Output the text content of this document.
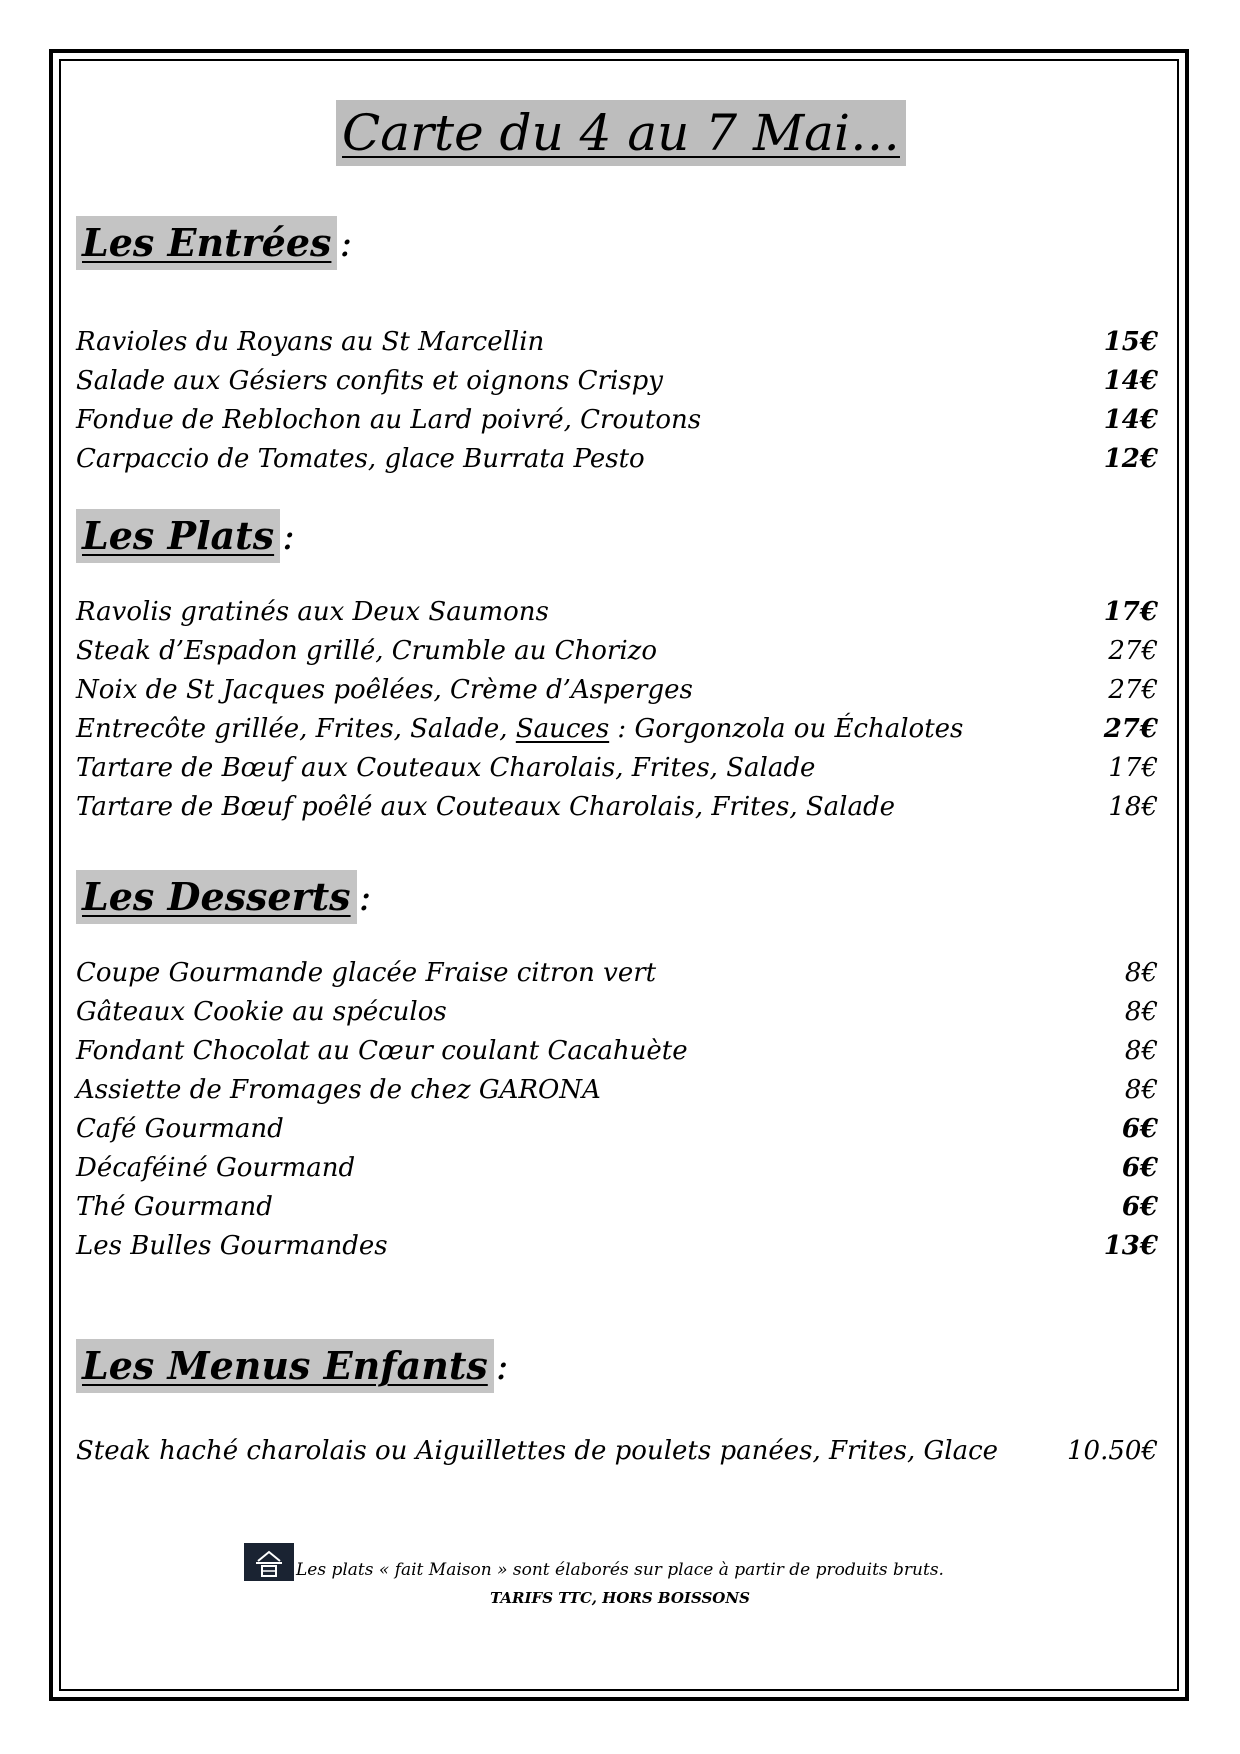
Carte du 4 au 7 Mai…
Les Entrées :
Ravioles du Royans au St Marcellin	15€
Salade aux Gésiers confits et oignons Crispy	14€
Fondue de Reblochon au Lard poivré, Croutons	14€
Carpaccio de Tomates, glace Burrata Pesto	12€
Les Plats :
Ravolis gratinés aux Deux Saumons	17€
Steak d’Espadon grillé, Crumble au Chorizo	27€
Noix de St Jacques poêlées, Crème d’Asperges	27€
Entrecôte grillée, Frites, Salade, Sauces : Gorgonzola ou Échalotes	27€
Tartare de Bœuf aux Couteaux Charolais, Frites, Salade	17€
Tartare de Bœuf poêlé aux Couteaux Charolais, Frites, Salade	18€
Les Desserts :
Coupe Gourmande glacée Fraise citron vert	8€
Gâteaux Cookie au spéculos	8€
Fondant Chocolat au Cœur coulant Cacahuète	8€
Assiette de Fromages de chez GARONA	8€
Café Gourmand	6€
Décaféiné Gourmand	6€
Thé Gourmand	6€
Les Bulles Gourmandes	13€
Les Menus Enfants :
Steak haché charolais ou Aiguillettes de poulets panées, Frites, Glace	10.50€
Les plats « fait Maison » sont élaborés sur place à partir de produits bruts.
TARIFS TTC, HORS BOISSONS
